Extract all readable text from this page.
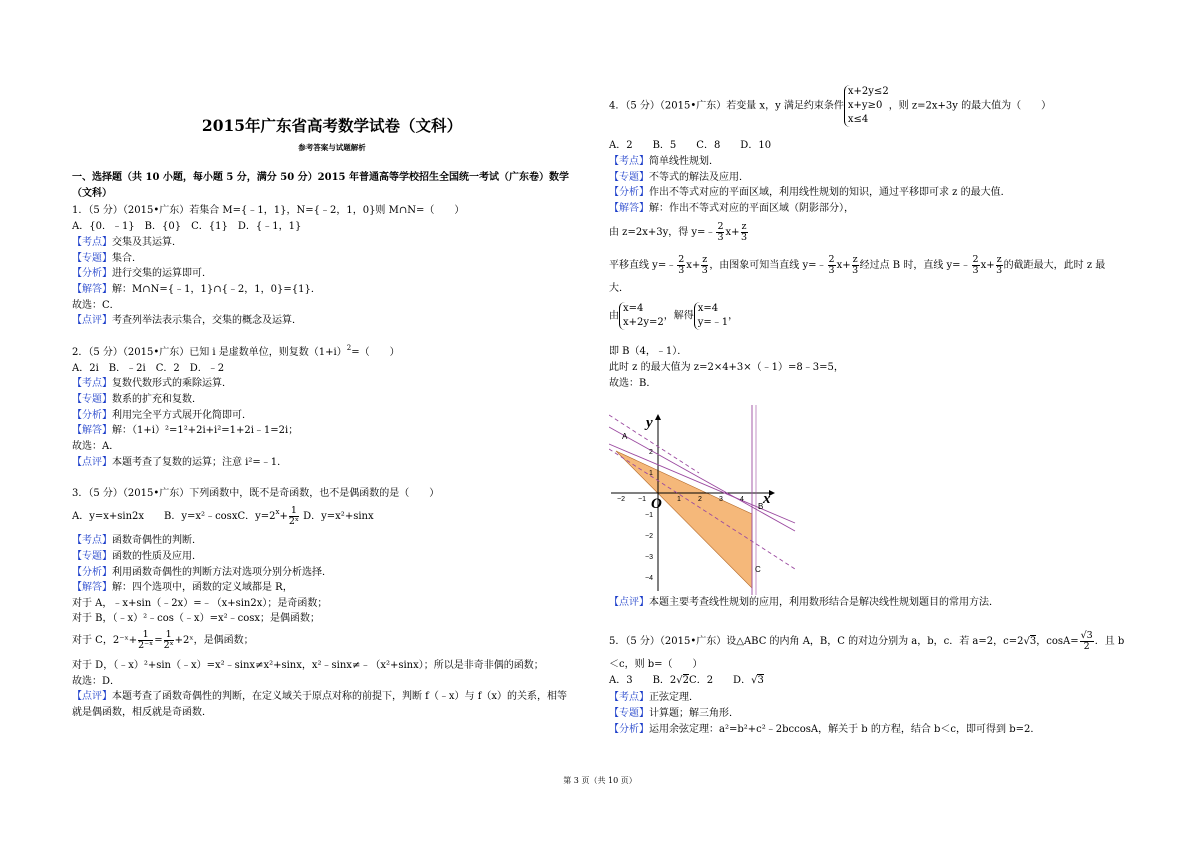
2015年广东省高考数学试卷（文科）
参考答案与试题解析
一、选择题（共 10 小题，每小题 5 分，满分 50 分）2015 年普通高等学校招生全国统一考试（广东卷）数学
（文科）
1．（5 分）（2015•广东）若集合 M={﹣1，1}，N={﹣2，1，0}则 M∩N=（　　）
A．{0．﹣1}　B．{0}　C．{1}　D．{﹣1，1}
【考点】交集及其运算．
【专题】集合．
【分析】进行交集的运算即可．
【解答】解：M∩N={﹣1，1}∩{﹣2，1，0}={1}．
故选：C．
【点评】考查列举法表示集合，交集的概念及运算．
2．（5 分）（2015•广东）已知 i 是虚数单位，则复数$(1+i)^2=$（　　）
A．2i　B．﹣2i　C．2　D．﹣2
【考点】复数代数形式的乘除运算．
【专题】数系的扩充和复数．
【分析】利用完全平方式展开化简即可．
【解答】解：（1+i）²=1²+2i+i²=1+2i﹣1=2i；
故选：A．
【点评】本题考查了复数的运算；注意 i²=﹣1．
3．（5 分）（2015•广东）下列函数中，既不是奇函数，也不是偶函数的是（　　）
A．y=x+sin2x　　B．y=x²﹣cosxC．$y=2^x+ \frac{1}{\text{2ˣ}}$ D．y=x²+sinx
【考点】函数奇偶性的判断．
【专题】函数的性质及应用．
【分析】利用函数奇偶性的判断方法对选项分别分析选择．
【解答】解：四个选项中，函数的定义域都是 R，
对于 A，﹣x+sin（﹣2x）=﹣（x+sin2x）；是奇函数；
对于 B，（﹣x）²﹣cos（﹣x）=x²﹣cosx；是偶函数；
对于 C，2⁻ˣ+ $\frac{1}{\text{2⁻ˣ}} = \frac{1}{\text{2ˣ}}$ +2ˣ，是偶函数；
对于 D，（﹣x）²+sin（﹣x）=x²﹣sinx≠x²+sinx，x²﹣sinx≠﹣（x²+sinx）；所以是非奇非偶的函数；
故选：D．
【点评】本题考查了函数奇偶性的判断，在定义域关于原点对称的前提下，判断 f（﹣x）与 f（x）的关系，相等
就是偶函数，相反就是奇函数．
4．（5 分）（2015•广东）若变量 x，y 满足约束条件
x+2y≤2
x+y≥0
x≤4
，则 z=2x+3y 的最大值为（　　）
A．2　　B．5　　C．8　　D．10
【考点】简单线性规划．
【专题】不等式的解法及应用．
【分析】作出不等式对应的平面区域，利用线性规划的知识，通过平移即可求 z 的最大值．
【解答】解：作出不等式对应的平面区域（阴影部分），
由 z=2x+3y，得 y=﹣ $\frac{2}{3} x+ \frac{z}{3}$
平移直线 y=﹣ $\frac{2}{3} x+ \frac{z}{3}$ ，由图象可知当直线 y=﹣ $\frac{2}{3} x+ \frac{z}{3}$ 经过点 B 时，直线 y=﹣ $\frac{2}{3} x+ \frac{z}{3}$ 的截距最大，此时 z 最
大．
由
x=4
x+2y=2
，解得
x=4
y=﹣1
，
即 B（4，﹣1）．
此时 z 的最大值为 z=2×4+3×（﹣1）=8﹣3=5，
故选：B．
【点评】本题主要考查线性规划的应用，利用数形结合是解决线性规划题目的常用方法．
5．（5 分）（2015•广东）设△ABC 的内角 A，B，C 的对边分别为 a，b，c．若 a=2，c=2√3，$\cos A= \frac{√3}{2}$ ．且 b
＜c，则 b=（　　）
A．3　　B．2√2C．2　　D．√3
【考点】正弦定理．
【专题】计算题；解三角形．
【分析】运用余弦定理：a²=b²+c²﹣2bccosA，解关于 b 的方程，结合 b＜c，即可得到 b=2．
x
y
O
A
B
C
−2 −1	1 2 3 4
2
1
−1
−2
−3
−4
第 3 页（共 10 页）
